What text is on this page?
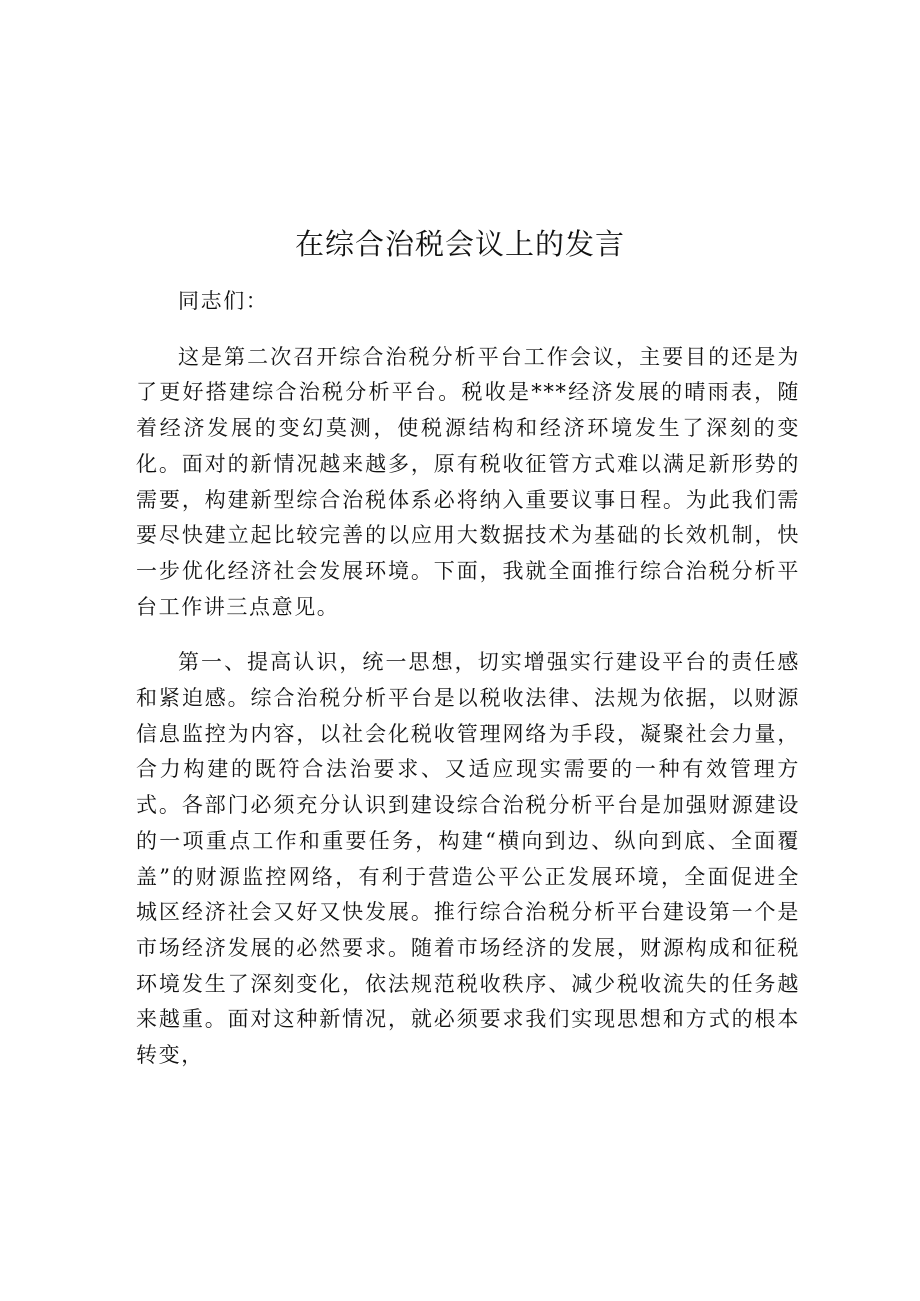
在综合治税会议上的发言

同志们：

这是第二次召开综合治税分析平台工作会议，主要目的还是为了更好搭建综合治税分析平台。税收是***经济发展的晴雨表，随着经济发展的变幻莫测，使税源结构和经济环境发生了深刻的变化。面对的新情况越来越多，原有税收征管方式难以满足新形势的需要，构建新型综合治税体系必将纳入重要议事日程。为此我们需要尽快建立起比较完善的以应用大数据技术为基础的长效机制，快一步优化经济社会发展环境。下面，我就全面推行综合治税分析平台工作讲三点意见。

第一、提高认识，统一思想，切实增强实行建设平台的责任感和紧迫感。综合治税分析平台是以税收法律、法规为依据，以财源信息监控为内容，以社会化税收管理网络为手段，凝聚社会力量，合力构建的既符合法治要求、又适应现实需要的一种有效管理方式。各部门必须充分认识到建设综合治税分析平台是加强财源建设的一项重点工作和重要任务，构建“横向到边、纵向到底、全面覆盖”的财源监控网络，有利于营造公平公正发展环境，全面促进全城区经济社会又好又快发展。推行综合治税分析平台建设第一个是市场经济发展的必然要求。随着市场经济的发展，财源构成和征税环境发生了深刻变化，依法规范税收秩序、减少税收流失的任务越来越重。面对这种新情况，就必须要求我们实现思想和方式的根本转变，
